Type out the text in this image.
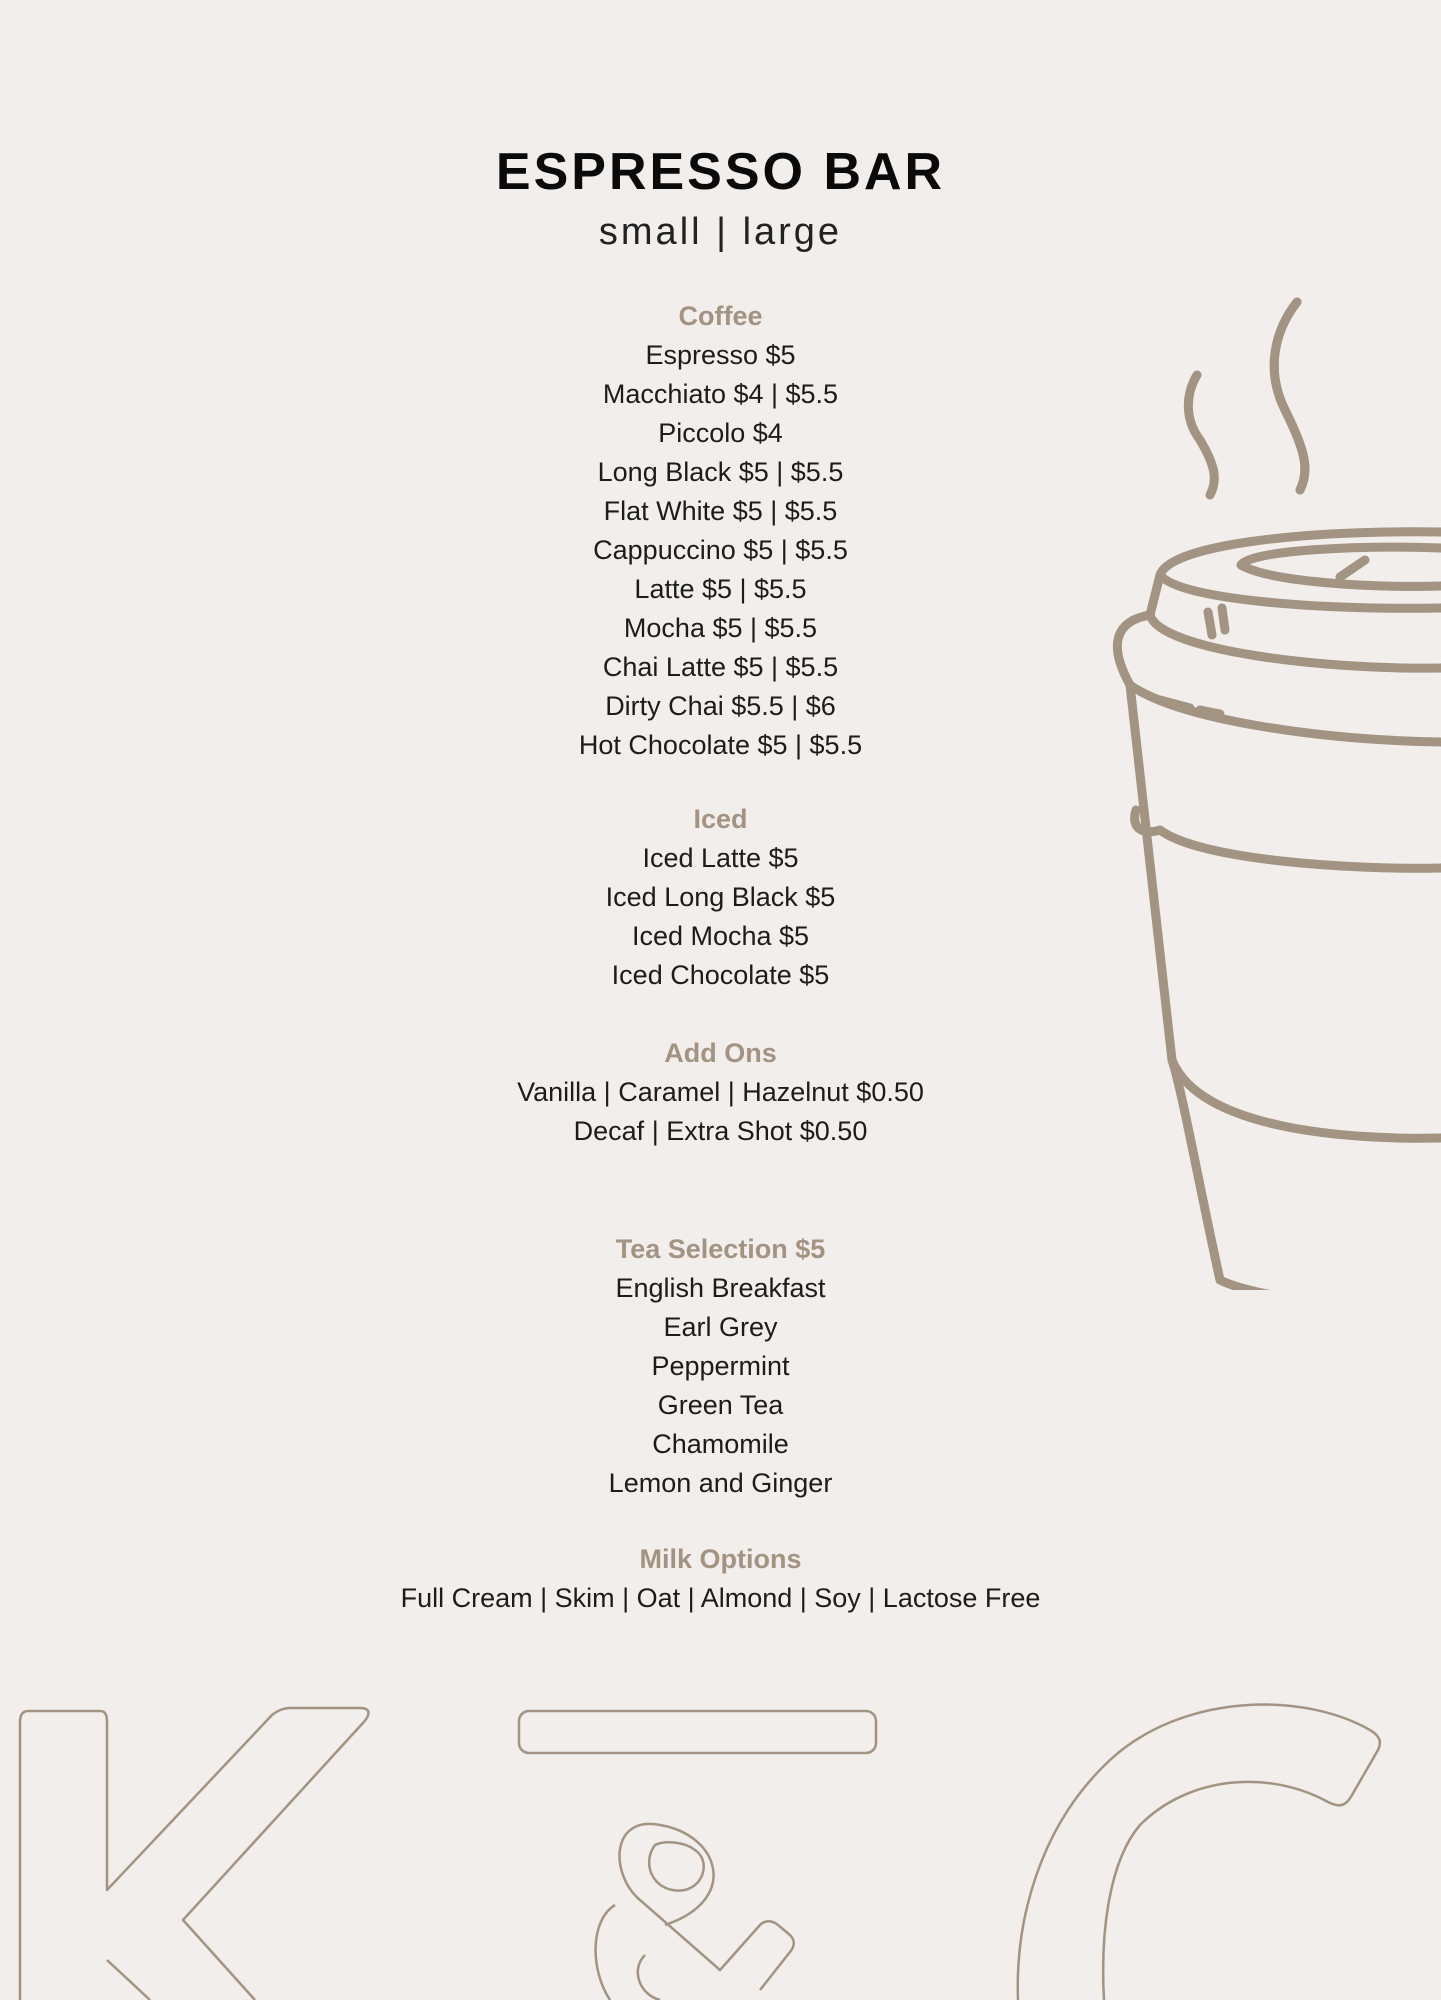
ESPRESSO BAR
small | large
Coffee
Espresso $5
Macchiato $4 | $5.5
Piccolo $4
Long Black $5 | $5.5
Flat White $5 | $5.5
Cappuccino $5 | $5.5
Latte $5 | $5.5
Mocha $5 | $5.5
Chai Latte $5 | $5.5
Dirty Chai $5.5 | $6
Hot Chocolate $5 | $5.5
Iced
Iced Latte $5
Iced Long Black $5
Iced Mocha $5
Iced Chocolate $5
Add Ons
Vanilla | Caramel | Hazelnut $0.50
Decaf | Extra Shot $0.50
Tea Selection $5
English Breakfast
Earl Grey
Peppermint
Green Tea
Chamomile
Lemon and Ginger
Milk Options
Full Cream | Skim | Oat | Almond | Soy | Lactose Free
